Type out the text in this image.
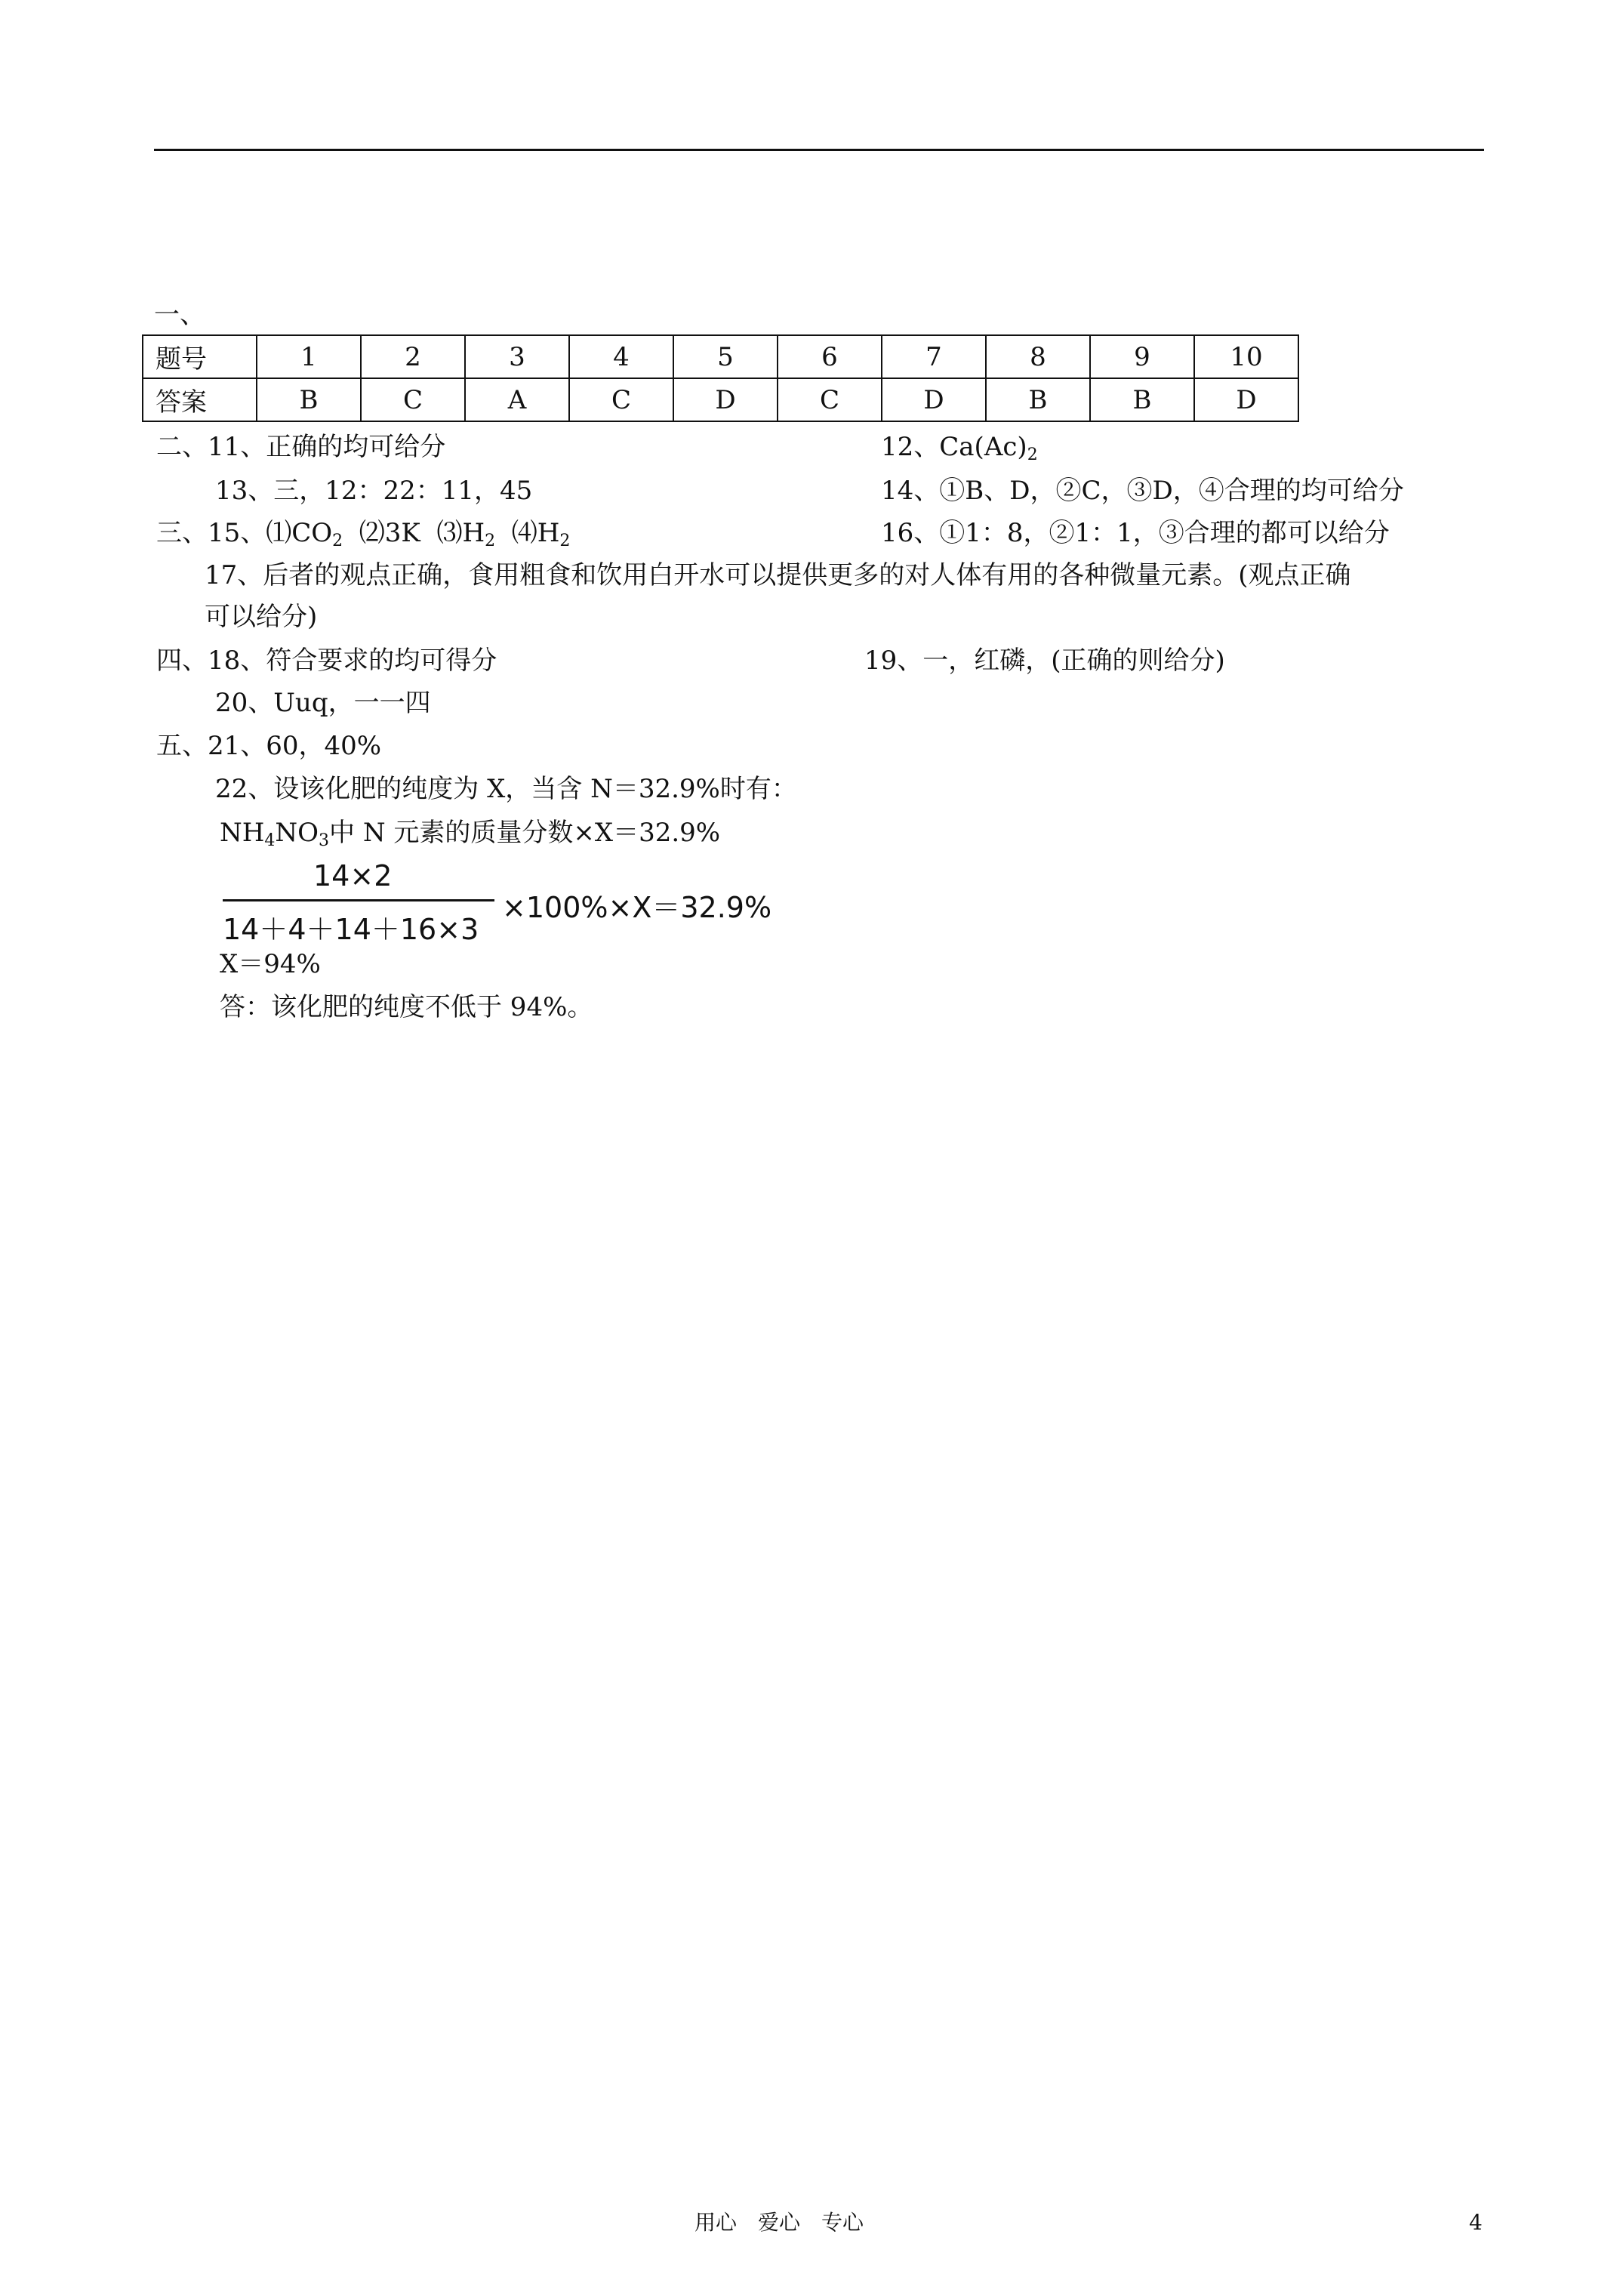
一、
题号	1	2	3	4	5	6	7	8	9	10
答案	B	C	A	C	D	C	D	B	B	D
二、11、正确的均可给分	12、$Ca(Ac)_2$
13、三，12：22：11，45	14、①B、D，②C，③D，④合理的均可给分
三、15、$⑴CO_2$ ⑵3K $⑶H_2$ $⑷H_2$	16、①1：8，②1：1，③合理的都可以给分
17、后者的观点正确，食用粗食和饮用白开水可以提供更多的对人体有用的各种微量元素。(观点正确
可以给分)
四、18、符合要求的均可得分	19、一，红磷，(正确的则给分)
20、Uuq，一一四
五、21、60，40%
22、设该化肥的纯度为 X，当含 N＝32.9%时有：
$NH_4NO_3$中 N 元素的质量分数×X＝32.9%
14×2
14＋4＋14＋16×3
×100%×X＝32.9%
X＝94%
答：该化肥的纯度不低于 94%。
用心　爱心　专心	4
